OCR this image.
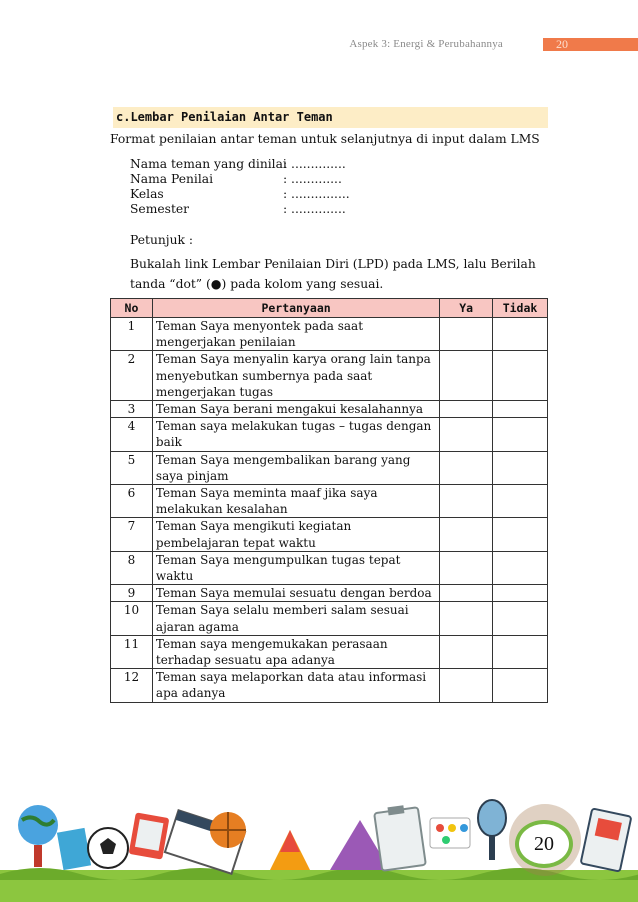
Aspek 3: Energi & Perubahannya	20
c.Lembar Penilaian Antar Teman
Format penilaian antar teman untuk selanjutnya di input dalam LMS
Nama teman yang dinilai
: ..............
Nama Penilai	: .............
Kelas	: ...............
Semester	: ..............
Petunjuk :
Bukalah link Lembar Penilaian Diri (LPD) pada LMS, lalu Berilah tanda “dot” (●) pada kolom yang sesuai.
No	Pertanyaan	Ya	Tidak
1	Teman Saya menyontek pada saat mengerjakan penilaian		
2	Teman Saya menyalin karya orang lain tanpa menyebutkan sumbernya pada saat mengerjakan tugas		
3	Teman Saya berani mengakui kesalahannya		
4	Teman saya melakukan tugas – tugas dengan baik		
5	Teman Saya mengembalikan barang yang saya pinjam		
6	Teman Saya meminta maaf jika saya melakukan kesalahan		
7	Teman Saya mengikuti kegiatan pembelajaran tepat waktu		
8	Teman Saya mengumpulkan tugas tepat waktu		
9	Teman Saya memulai sesuatu dengan berdoa		
10	Teman Saya selalu memberi salam sesuai ajaran agama		
11	Teman saya mengemukakan perasaan terhadap sesuatu apa adanya		
12	Teman saya melaporkan data atau informasi apa adanya		
20
